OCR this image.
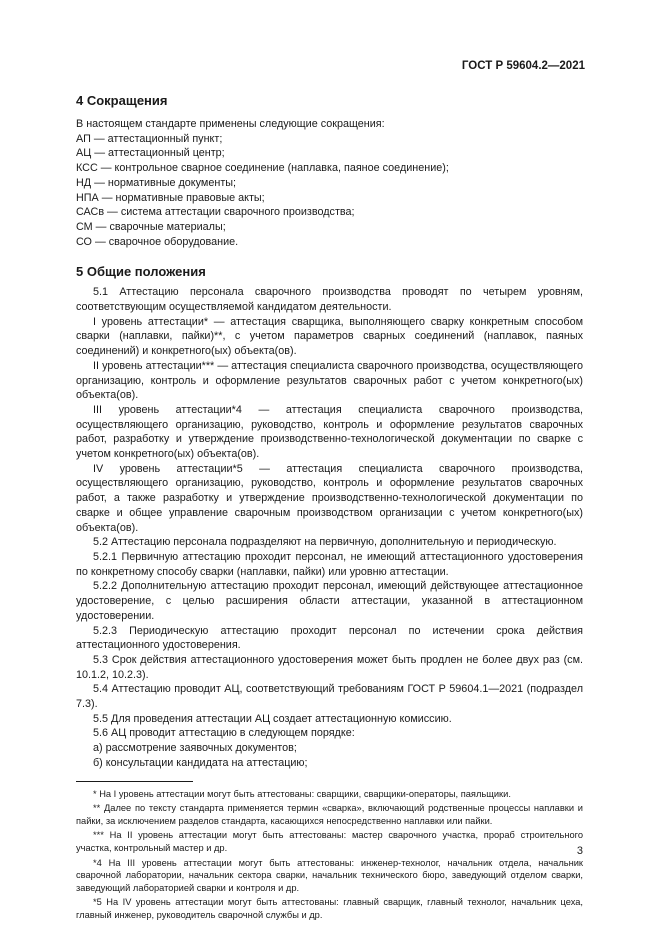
ГОСТ Р 59604.2—2021
4 Сокращения

В настоящем стандарте применены следующие сокращения:

АП — аттестационный пункт;

АЦ — аттестационный центр;

КСС — контрольное сварное соединение (наплавка, паяное соединение);

НД — нормативные документы;

НПА — нормативные правовые акты;

САСв — система аттестации сварочного производства;

СМ — сварочные материалы;

СО — сварочное оборудование.

5 Общие положения

5.1 Аттестацию персонала сварочного производства проводят по четырем уровням, соответствующим осуществляемой кандидатом деятельности.

I уровень аттестации* — аттестация сварщика, выполняющего сварку конкретным способом сварки (наплавки, пайки)**, с учетом параметров сварных соединений (наплавок, паяных соединений) и конкретного(ых) объекта(ов).

II уровень аттестации*** — аттестация специалиста сварочного производства, осуществляющего организацию, контроль и оформление результатов сварочных работ с учетом конкретного(ых) объекта(ов).

III уровень аттестации*4 — аттестация специалиста сварочного производства, осуществляющего организацию, руководство, контроль и оформление результатов сварочных работ, разработку и утверждение производственно-технологической документации по сварке с учетом конкретного(ых) объекта(ов).

IV уровень аттестации*5 — аттестация специалиста сварочного производства, осуществляющего организацию, руководство, контроль и оформление результатов сварочных работ, а также разработку и утверждение производственно-технологической документации по сварке и общее управление сварочным производством организации с учетом конкретного(ых) объекта(ов).

5.2 Аттестацию персонала подразделяют на первичную, дополнительную и периодическую.

5.2.1 Первичную аттестацию проходит персонал, не имеющий аттестационного удостоверения по конкретному способу сварки (наплавки, пайки) или уровню аттестации.

5.2.2 Дополнительную аттестацию проходит персонал, имеющий действующее аттестационное удостоверение, с целью расширения области аттестации, указанной в аттестационном удостоверении.

5.2.3 Периодическую аттестацию проходит персонал по истечении срока действия аттестационного удостоверения.

5.3 Срок действия аттестационного удостоверения может быть продлен не более двух раз (см. 10.1.2, 10.2.3).

5.4 Аттестацию проводит АЦ, соответствующий требованиям ГОСТ Р 59604.1—2021 (подраздел 7.3).

5.5 Для проведения аттестации АЦ создает аттестационную комиссию.

5.6 АЦ проводит аттестацию в следующем порядке:

а) рассмотрение заявочных документов;

б) консультации кандидата на аттестацию;

* На I уровень аттестации могут быть аттестованы: сварщики, сварщики-операторы, паяльщики.

** Далее по тексту стандарта применяется термин «сварка», включающий родственные процессы наплавки и пайки, за исключением разделов стандарта, касающихся непосредственно наплавки или пайки.

*** На II уровень аттестации могут быть аттестованы: мастер сварочного участка, прораб строительного участка, контрольный мастер и др.

*4 На III уровень аттестации могут быть аттестованы: инженер-технолог, начальник отдела, начальник сварочной лаборатории, начальник сектора сварки, начальник технического бюро, заведующий отделом сварки, заведующий лабораторией сварки и контроля и др.

*5 На IV уровень аттестации могут быть аттестованы: главный сварщик, главный технолог, начальник цеха, главный инженер, руководитель сварочной службы и др.

3
